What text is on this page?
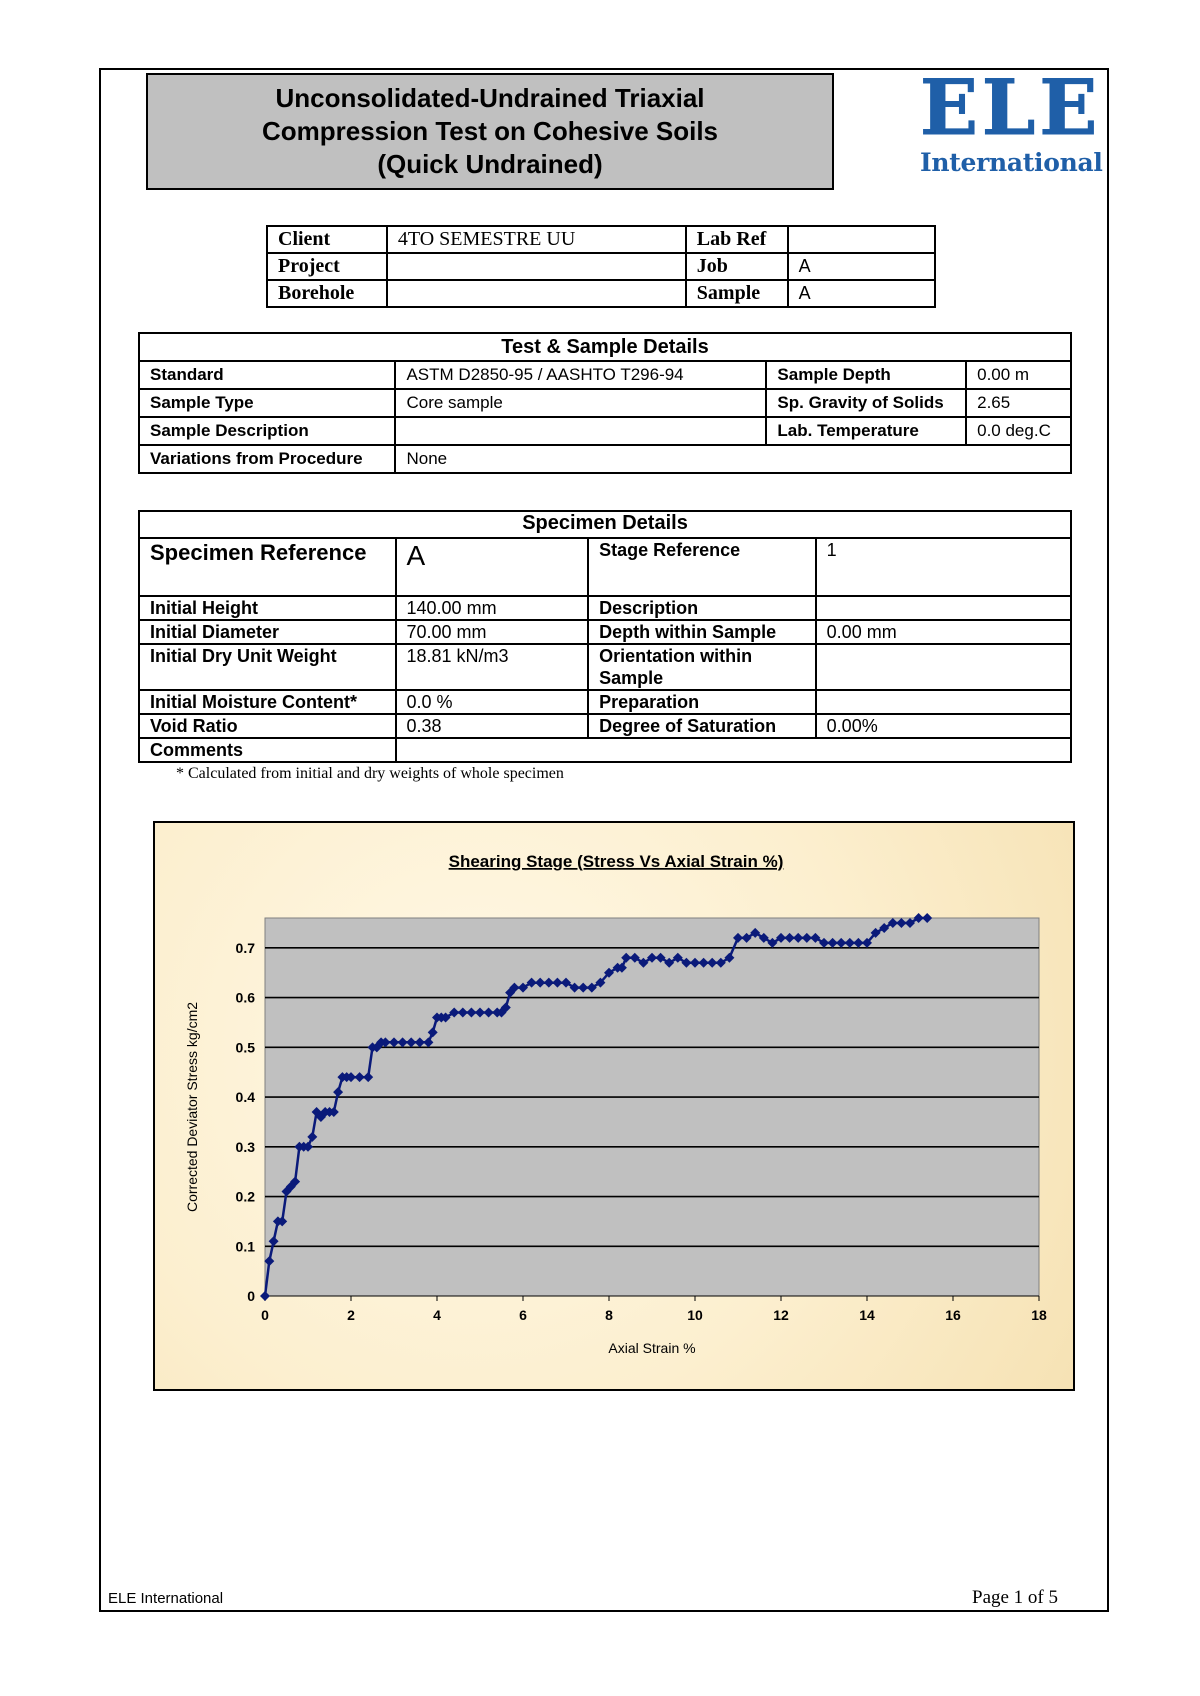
Unconsolidated-Undrained Triaxial
Compression Test on Cohesive Soils
(Quick Undrained)
ELE
International
Client	4TO SEMESTRE UU	Lab Ref	
Project		Job	A
Borehole		Sample	A
Test & Sample Details			
Standard	ASTM D2850-95 / AASHTO T296-94	Sample Depth	0.00 m
Sample Type	Core sample	Sp. Gravity of Solids	2.65
Sample Description		Lab. Temperature	0.0 deg.C
Variations from Procedure	None		
Specimen Details			
Specimen Reference	A	Stage Reference	1
Initial Height	140.00 mm	Description	
Initial Diameter	70.00 mm	Depth within Sample	0.00 mm
Initial Dry Unit Weight	18.81 kN/m3	Orientation within Sample	
Initial Moisture Content*	0.0 %	Preparation	
Void Ratio	0.38	Degree of Saturation	0.00%
Comments			
* Calculated from initial and dry weights of whole specimen
Shearing Stage (Stress Vs Axial Strain %)
0
0.1
0.2
0.3
0.4
0.5
0.6
0.7
0	2	4	6	8	10	12	14	16	18
Axial Strain %
Corrected Deviator Stress kg/cm2
ELE International	Page 1 of 5
